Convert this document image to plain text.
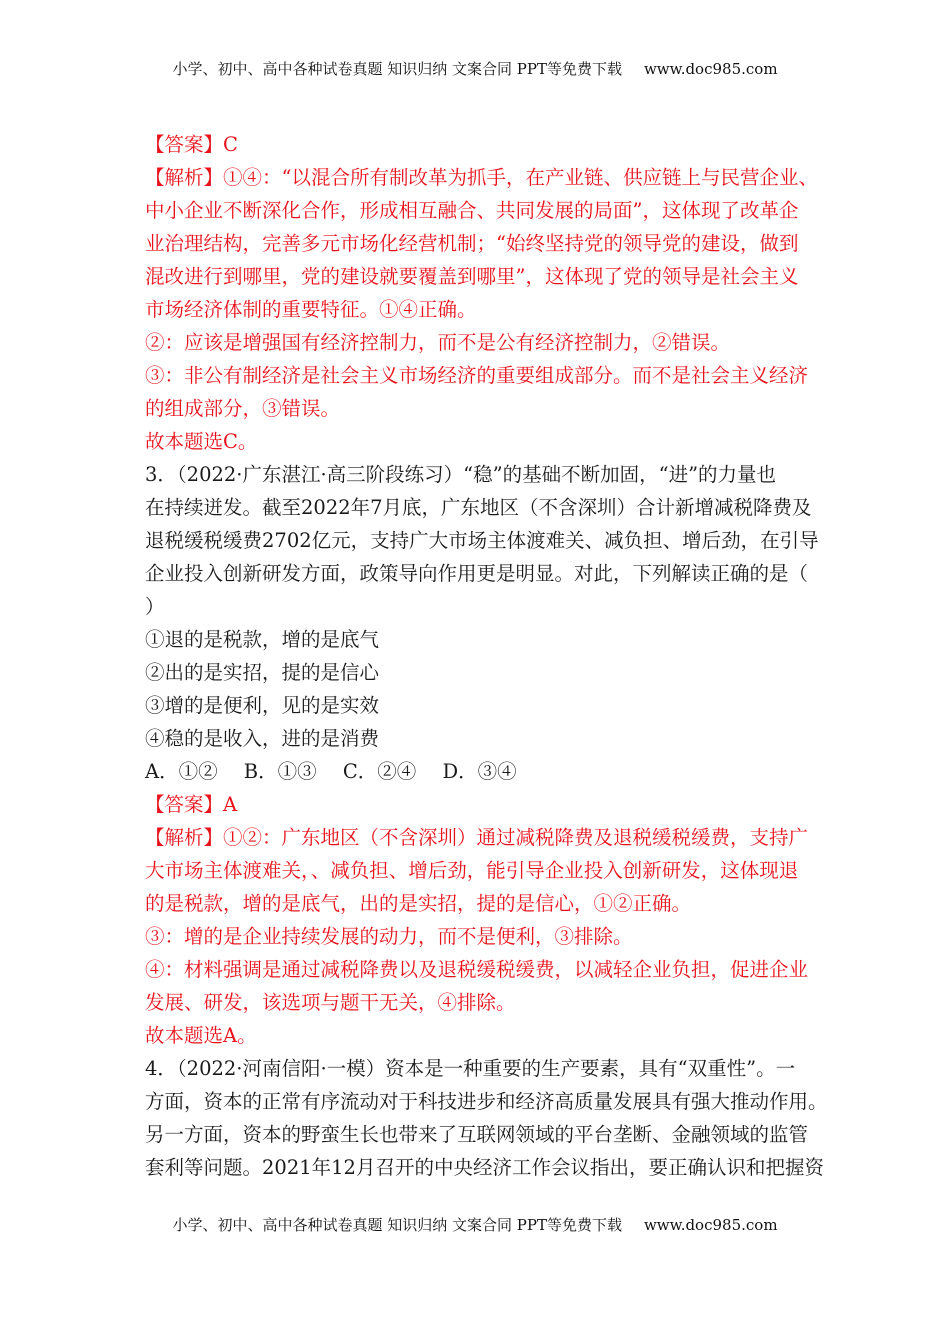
小学、初中、高中各种试卷真题 知识归纳 文案合同 PPT等免费下载 www.doc985.com
【答案】C
【解析】①④：“以混合所有制改革为抓手，在产业链、供应链上与民营企业、
中小企业不断深化合作，形成相互融合、共同发展的局面”，这体现了改革企
业治理结构，完善多元市场化经营机制；“始终坚持党的领导党的建设，做到
混改进行到哪里，党的建设就要覆盖到哪里”，这体现了党的领导是社会主义
市场经济体制的重要特征。①④正确。
②：应该是增强国有经济控制力，而不是公有经济控制力，②错误。
③：非公有制经济是社会主义市场经济的重要组成部分。而不是社会主义经济
的组成部分，③错误。
故本题选C。
3．（2022·广东湛江·高三阶段练习）“稳”的基础不断加固，“进”的力量也
在持续迸发。截至2022年7月底，广东地区（不含深圳）合计新增减税降费及
退税缓税缓费2702亿元，支持广大市场主体渡难关、减负担、增后劲，在引导
企业投入创新研发方面，政策导向作用更是明显。对此，下列解读正确的是（
）
①退的是税款，增的是底气
②出的是实招，提的是信心
③增的是便利，见的是实效
④稳的是收入，进的是消费
A．①② B．①③ C．②④ D．③④
【答案】A
【解析】①②：广东地区（不含深圳）通过减税降费及退税缓税缓费，支持广
大市场主体渡难关，、减负担、增后劲，能引导企业投入创新研发，这体现退
的是税款，增的是底气，出的是实招，提的是信心，①②正确。
③：增的是企业持续发展的动力，而不是便利，③排除。
④：材料强调是通过减税降费以及退税缓税缓费，以减轻企业负担，促进企业
发展、研发，该选项与题干无关，④排除。
故本题选A。
4．（2022·河南信阳·一模）资本是一种重要的生产要素，具有“双重性”。一
方面，资本的正常有序流动对于科技进步和经济高质量发展具有强大推动作用。
另一方面，资本的野蛮生长也带来了互联网领域的平台垄断、金融领域的监管
套利等问题。2021年12月召开的中央经济工作会议指出，要正确认识和把握资
小学、初中、高中各种试卷真题 知识归纳 文案合同 PPT等免费下载 www.doc985.com
